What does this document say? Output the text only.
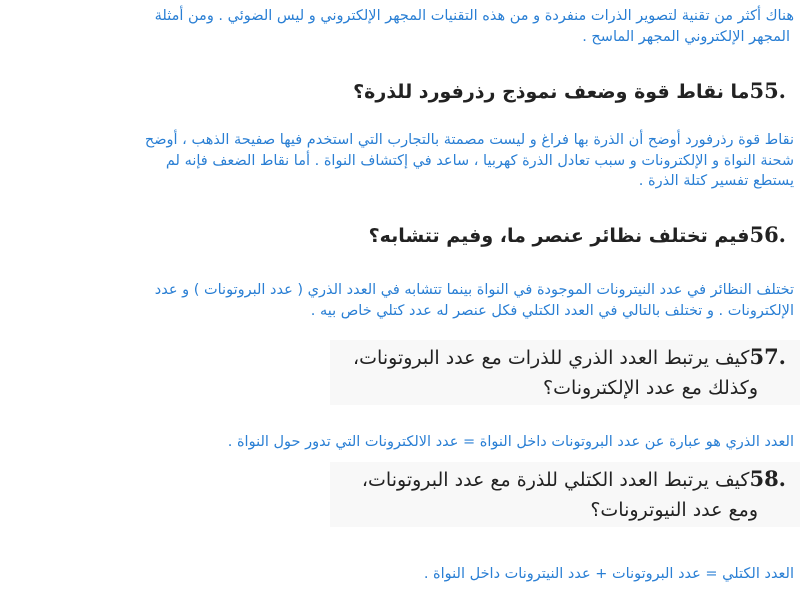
هناك أكثر من تقنية لتصوير الذرات منفردة و من هذه التقنيات المجهر الإلكتروني و ليس الضوئي . ومن أمثلة
المجهر الإلكتروني المجهر الماسح .
55.ما نقاط قوة وضعف نموذج رذرفورد للذرة؟
نقاط قوة رذرفورد أوضح أن الذرة بها فراغ و ليست مصمتة بالتجارب التي استخدم فيها صفيحة الذهب ، أوضح
شحنة النواة و الإلكترونات و سبب تعادل الذرة كهربيا ، ساعد في إكتشاف النواة . أما نقاط الضعف فإنه لم
يستطع تفسير كتلة الذرة .
56.فيم تختلف نظائر عنصر ما، وفيم تتشابه؟
تختلف النظائر في عدد النيترونات الموجودة في النواة بينما تتشابه في العدد الذري ( عدد البروتونات ) و عدد
الإلكترونات . و تختلف بالتالي في العدد الكتلي فكل عنصر له عدد كتلي خاص بيه .
57.كيف يرتبط العدد الذري للذرات مع عدد البروتونات،
وكذلك مع عدد الإلكترونات؟
العدد الذري هو عبارة عن عدد البروتونات داخل النواة = عدد الالكترونات التي تدور حول النواة .
58.كيف يرتبط العدد الكتلي للذرة مع عدد البروتونات،
ومع عدد النيوترونات؟
العدد الكتلي = عدد البروتونات + عدد النيترونات داخل النواة .
